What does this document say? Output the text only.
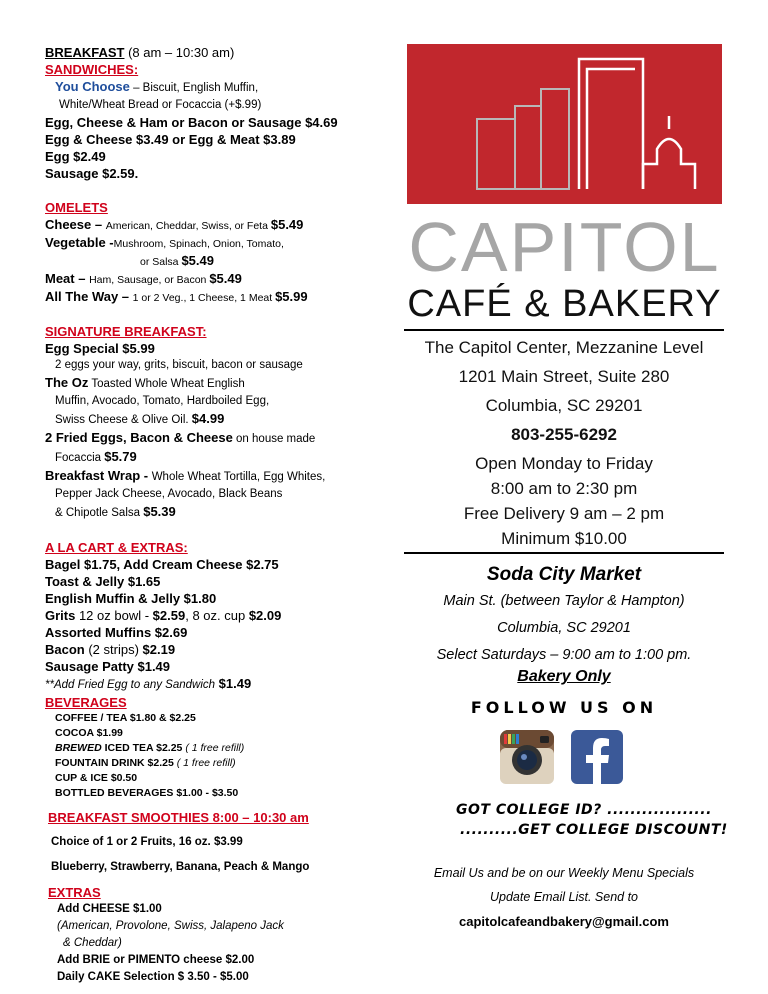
BREAKFAST (8 am – 10:30 am)
SANDWICHES:
You Choose – Biscuit, English Muffin,
White/Wheat Bread or Focaccia (+$.99)
Egg, Cheese & Ham or Bacon or Sausage $4.69
Egg & Cheese $3.49 or Egg & Meat $3.89
Egg $2.49
Sausage $2.59.
OMELETS
Cheese – American, Cheddar, Swiss, or Feta $5.49
Vegetable -Mushroom, Spinach, Onion, Tomato,
or Salsa $5.49
Meat – Ham, Sausage, or Bacon $5.49
All The Way – 1 or 2 Veg., 1 Cheese, 1 Meat $5.99
SIGNATURE BREAKFAST:
Egg Special $5.99
2 eggs your way, grits, biscuit, bacon or sausage
The Oz Toasted Whole Wheat English
Muffin, Avocado, Tomato, Hardboiled Egg,
Swiss Cheese & Olive Oil. $4.99
2 Fried Eggs, Bacon & Cheese on house made
Focaccia $5.79
Breakfast Wrap - Whole Wheat Tortilla, Egg Whites,
Pepper Jack Cheese, Avocado, Black Beans
& Chipotle Salsa $5.39
A LA CART & EXTRAS:
Bagel $1.75, Add Cream Cheese $2.75
Toast & Jelly $1.65
English Muffin & Jelly $1.80
Grits 12 oz bowl - $2.59, 8 oz. cup $2.09
Assorted Muffins $2.69
Bacon (2 strips) $2.19
Sausage Patty $1.49
**Add Fried Egg to any Sandwich $1.49
BEVERAGES
COFFEE / TEA $1.80 & $2.25
COCOA $1.99
BREWED ICED TEA $2.25 ( 1 free refill)
FOUNTAIN DRINK $2.25 ( 1 free refill)
CUP & ICE $0.50
BOTTLED BEVERAGES $1.00 - $3.50
BREAKFAST SMOOTHIES 8:00 – 10:30 am
Choice of 1 or 2 Fruits, 16 oz. $3.99
Blueberry, Strawberry, Banana, Peach & Mango
EXTRAS
Add CHEESE $1.00
(American, Provolone, Swiss, Jalapeno Jack
& Cheddar)
Add BRIE or PIMENTO cheese $2.00
Daily CAKE Selection $ 3.50 - $5.00
CAPITOL
CAFÉ & BAKERY
The Capitol Center, Mezzanine Level
1201 Main Street, Suite 280
Columbia, SC 29201
803-255-6292
Open Monday to Friday
8:00 am to 2:30 pm
Free Delivery 9 am – 2 pm
Minimum $10.00
Soda City Market
Main St. (between Taylor & Hampton)
Columbia, SC 29201
Select Saturdays – 9:00 am to 1:00 pm.
Bakery Only
FOLLOW US ON
GOT COLLEGE ID? ..................
..........GET COLLEGE DISCOUNT!
Email Us and be on our Weekly Menu Specials
Update Email List. Send to
capitolcafeandbakery@gmail.com
